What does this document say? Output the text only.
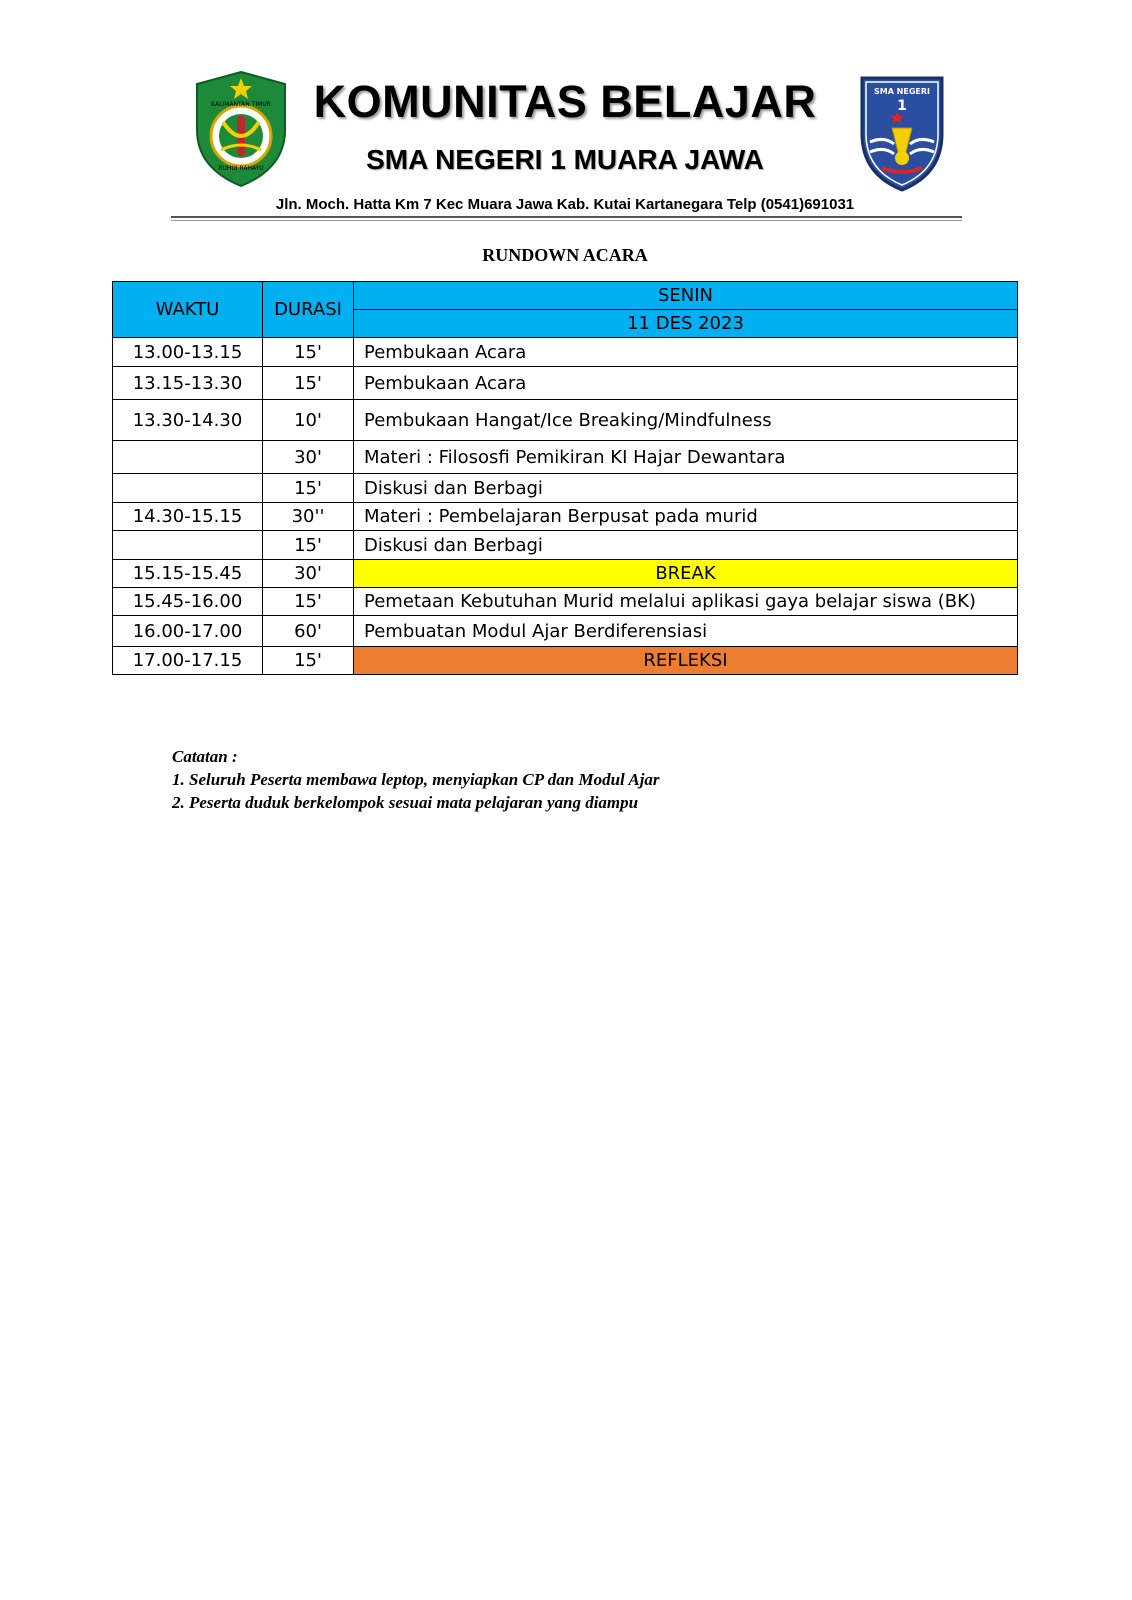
KALIMANTAN TIMUR
RUHUI RAHAYU
SMA NEGERI
1
KOMUNITAS BELAJAR
SMA NEGERI 1 MUARA JAWA
Jln. Moch. Hatta Km 7 Kec Muara Jawa Kab. Kutai Kartanegara Telp (0541)691031
RUNDOWN ACARA
WAKTU	DURASI	SENIN
		11 DES 2023
13.00-13.15	15'	Pembukaan Acara
13.15-13.30	15'	Pembukaan Acara
13.30-14.30	10'	Pembukaan Hangat/Ice Breaking/Mindfulness
	30'	Materi : Filososfi Pemikiran KI Hajar Dewantara
	15'	Diskusi dan Berbagi
14.30-15.15	30''	Materi : Pembelajaran Berpusat pada murid
	15'	Diskusi dan Berbagi
15.15-15.45	30'	BREAK
15.45-16.00	15'	Pemetaan Kebutuhan Murid melalui aplikasi gaya belajar siswa (BK)
16.00-17.00	60'	Pembuatan Modul Ajar Berdiferensiasi
17.00-17.15	15'	REFLEKSI
Catatan :
1. Seluruh Peserta membawa leptop, menyiapkan CP dan Modul Ajar
2. Peserta duduk berkelompok sesuai mata pelajaran yang diampu
